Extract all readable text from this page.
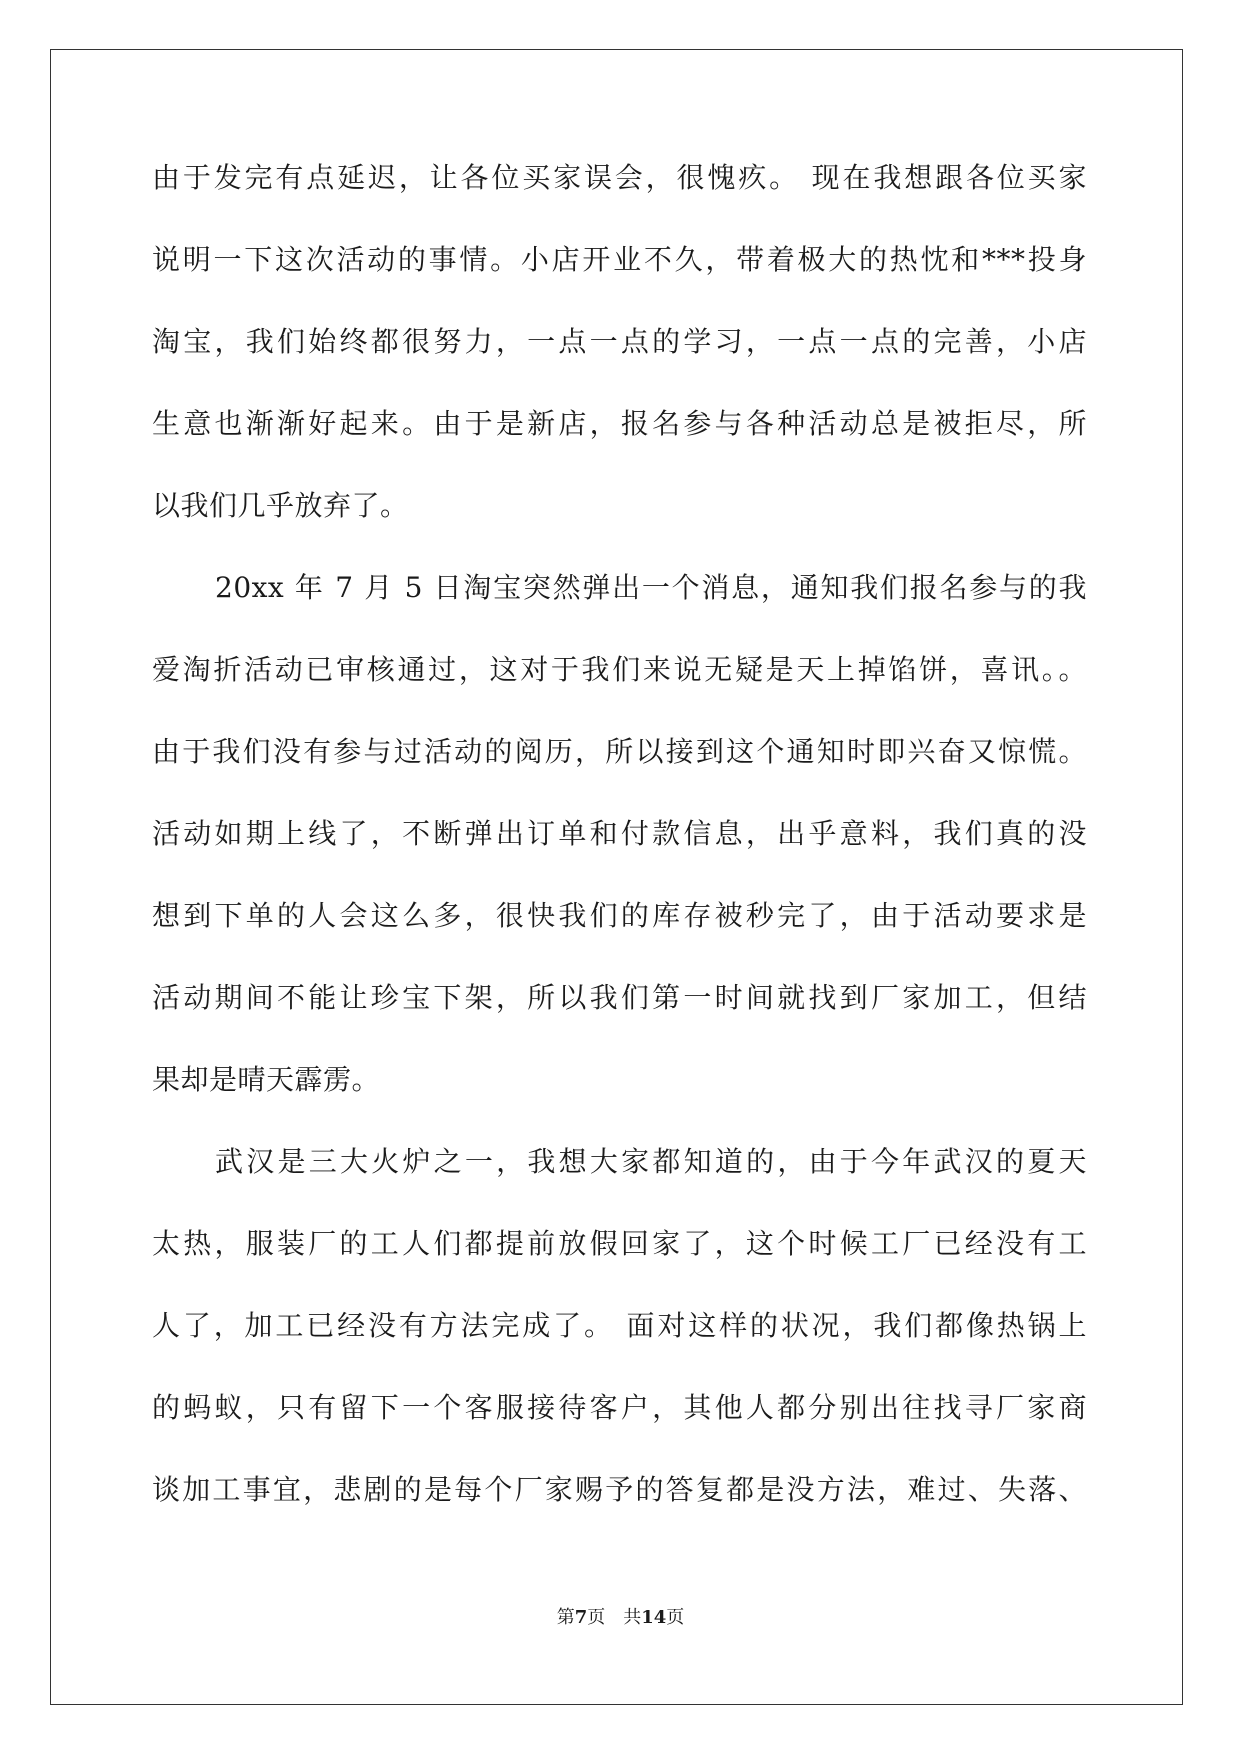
由于发完有点延迟，让各位买家误会，很愧疚。 现在我想跟各位买家
说明一下这次活动的事情。小店开业不久，带着极大的热忱和***投身
淘宝，我们始终都很努力，一点一点的学习，一点一点的完善，小店
生意也渐渐好起来。由于是新店，报名参与各种活动总是被拒尽，所
以我们几乎放弃了。
20xx 年 7 月 5 日淘宝突然弹出一个消息，通知我们报名参与的我
爱淘折活动已审核通过，这对于我们来说无疑是天上掉馅饼，喜讯。。
由于我们没有参与过活动的阅历，所以接到这个通知时即兴奋又惊慌。
活动如期上线了，不断弹出订单和付款信息，出乎意料，我们真的没
想到下单的人会这么多，很快我们的库存被秒完了，由于活动要求是
活动期间不能让珍宝下架，所以我们第一时间就找到厂家加工，但结
果却是晴天霹雳。
武汉是三大火炉之一，我想大家都知道的，由于今年武汉的夏天
太热，服装厂的工人们都提前放假回家了，这个时候工厂已经没有工
人了，加工已经没有方法完成了。 面对这样的状况，我们都像热锅上
的蚂蚁，只有留下一个客服接待客户，其他人都分别出往找寻厂家商
谈加工事宜，悲剧的是每个厂家赐予的答复都是没方法，难过、失落、
第7页 共14页
